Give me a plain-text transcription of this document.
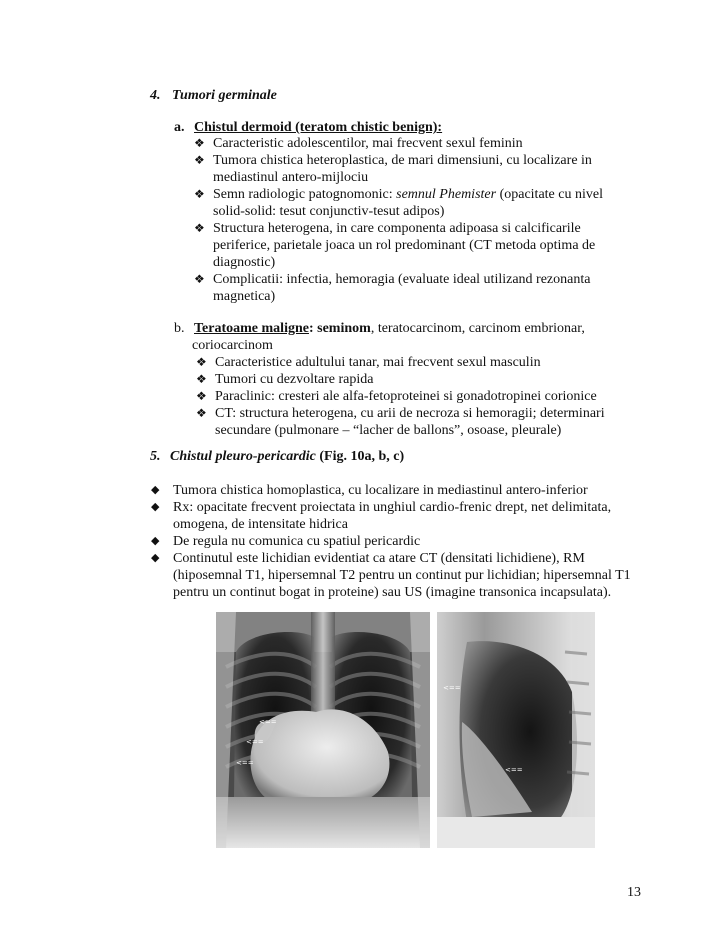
4. Tumori germinale
a. Chistul dermoid (teratom chistic benign):
❖ Caracteristic adolescentilor, mai frecvent sexul feminin
❖ Tumora chistica heteroplastica, de mari dimensiuni, cu localizare in
mediastinul antero-mijlociu
❖ Semn radiologic patognomonic: semnul Phemister (opacitate cu nivel
solid-solid: tesut conjunctiv-tesut adipos)
❖ Structura heterogena, in care componenta adipoasa si calcificarile
periferice, parietale joaca un rol predominant (CT metoda optima de
diagnostic)
❖ Complicatii: infectia, hemoragia (evaluate ideal utilizand rezonanta
magnetica)
b. Teratoame maligne: seminom, teratocarcinom, carcinom embrionar,
coriocarcinom
❖ Caracteristice adultului tanar, mai frecvent sexul masculin
❖ Tumori cu dezvoltare rapida
❖ Paraclinic: cresteri ale alfa-fetoproteinei si gonadotropinei corionice
❖ CT: structura heterogena, cu arii de necroza si hemoragii; determinari
secundare (pulmonare – “lacher de ballons”, osoase, pleurale)
5. Chistul pleuro-pericardic (Fig. 10a, b, c)
◆ Tumora chistica homoplastica, cu localizare in mediastinul antero-inferior
◆ Rx: opacitate frecvent proiectata in unghiul cardio-frenic drept, net delimitata,
omogena, de intensitate hidrica
◆ De regula nu comunica cu spatiul pericardic
◆ Continutul este lichidian evidentiat ca atare CT (densitati lichidiene), RM
(hiposemnal T1, hipersemnal T2 pentru un continut pur lichidian; hipersemnal T1
pentru un continut bogat in proteine) sau US (imagine transonica incapsulata).
<==
<==
<==
<==
<==
13
